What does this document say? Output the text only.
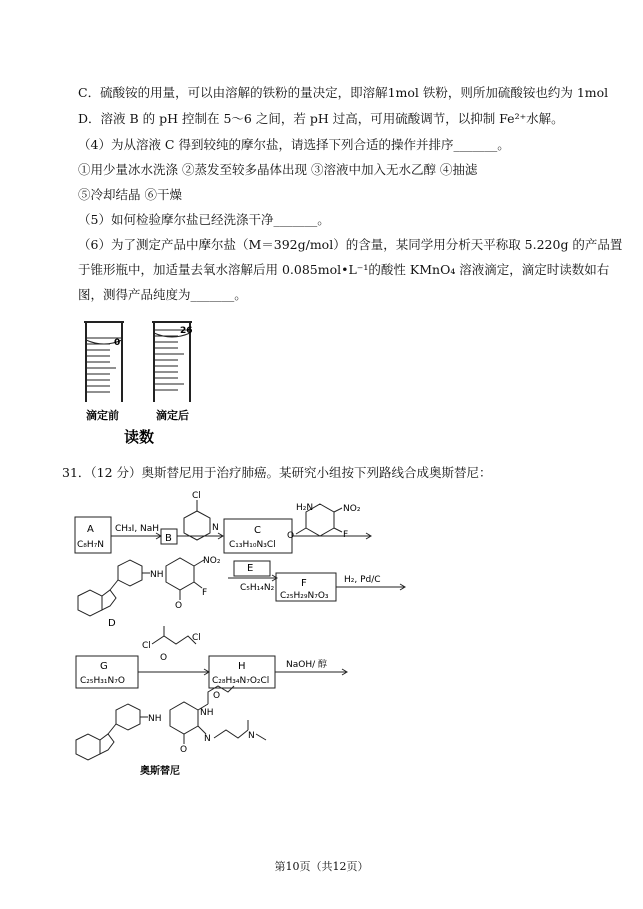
C．硫酸铵的用量，可以由溶解的铁粉的量决定，即溶解1mol 铁粉，则所加硫酸铵也约为 1mol
D．溶液 B 的 pH 控制在 5～6 之间，若 pH 过高，可用硫酸调节，以抑制 Fe²⁺水解。
（4）为从溶液 C 得到较纯的摩尔盐，请选择下列合适的操作并排序_______。
①用少量冰水洗涤 ②蒸发至较多晶体出现 ③溶液中加入无水乙醇 ④抽滤
⑤冷却结晶 ⑥干燥
（5）如何检验摩尔盐已经洗涤干净_______。
（6）为了测定产品中摩尔盐（M＝392g/mol）的含量，某同学用分析天平称取 5.220g 的产品置
于锥形瓶中，加适量去氧水溶解后用 0.085mol•L⁻¹的酸性 KMnO₄ 溶液滴定，滴定时读数如右
图，测得产品纯度为_______。
31．（12 分）奥斯替尼用于治疗肺癌。某研究小组按下列路线合成奥斯替尼：
0
26
滴定前	滴定后
读数
A
C₈H₇N
CH₃I, NaH
B
Cl
N	C
C₁₃H₁₀N₃Cl
H₂N	NO₂
F
O
NH
NO₂
F
O
D
E
C₅H₁₄N₂	F
C₂₅H₂₉N₇O₃
H₂, Pd/C
G
C₂₅H₃₁N₇O
Cl
Cl
O
H
C₂₈H₃₄N₇O₂Cl
NaOH/ 醇
NH
NH
O
N	N
O
奥斯替尼
第10页（共12页）
